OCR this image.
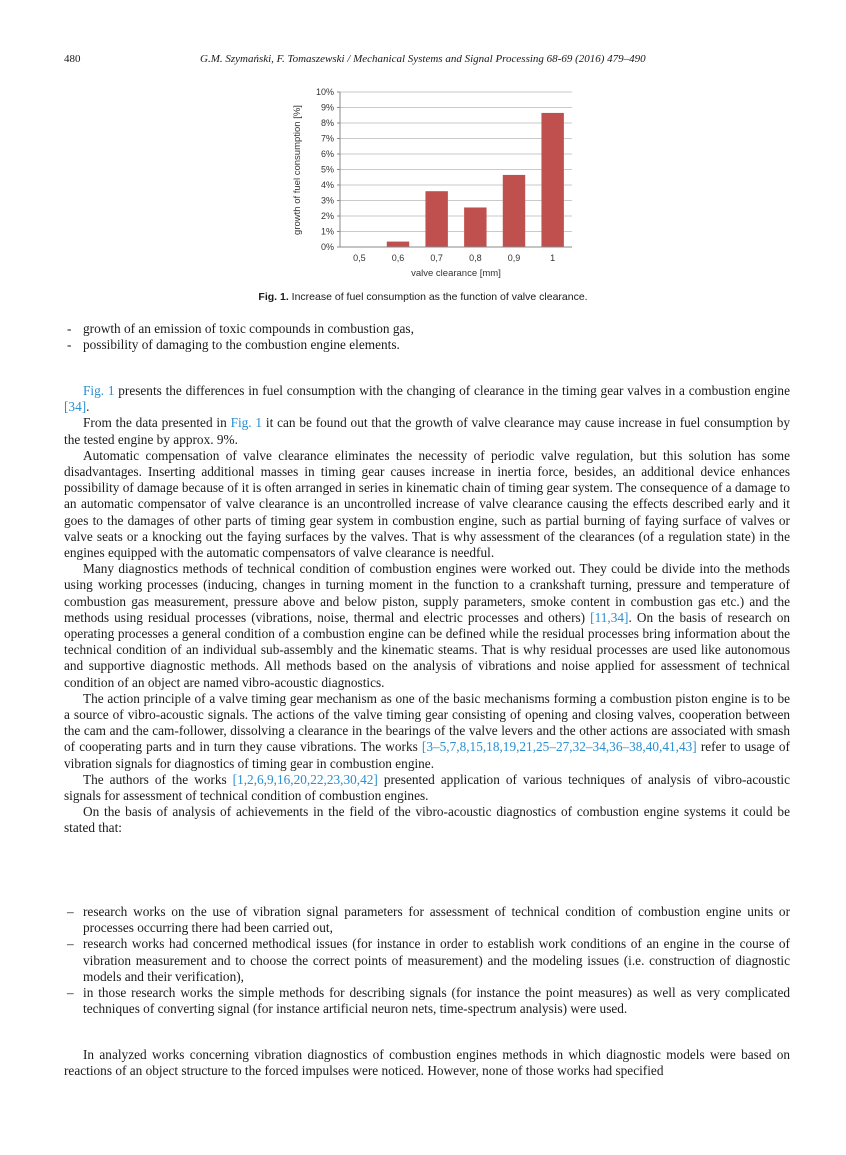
480	G.M. Szymański, F. Tomaszewski / Mechanical Systems and Signal Processing 68-69 (2016) 479–490
0%
1%
2%
3%
4%
5%
6%
7%
8%
9%
10%
0,5	0,6	0,7	0,8	0,9	1
valve clearance [mm]
growth of fuel consumption [%]
Fig. 1. Increase of fuel consumption as the function of valve clearance.
- growth of an emission of toxic compounds in combustion gas,
- possibility of damaging to the combustion engine elements.

Fig. 1 presents the differences in fuel consumption with the changing of clearance in the timing gear valves in a combustion engine [34].

From the data presented in Fig. 1 it can be found out that the growth of valve clearance may cause increase in fuel consumption by the tested engine by approx. 9%.

Automatic compensation of valve clearance eliminates the necessity of periodic valve regulation, but this solution has some disadvantages. Inserting additional masses in timing gear causes increase in inertia force, besides, an additional device enhances possibility of damage because of it is often arranged in series in kinematic chain of timing gear system. The consequence of a damage to an automatic compensator of valve clearance is an uncontrolled increase of valve clearance causing the effects described early and it goes to the damages of other parts of timing gear system in combustion engine, such as partial burning of faying surface of valves or valve seats or a knocking out the faying surfaces by the valves. That is why assessment of the clearances (of a regulation state) in the engines equipped with the automatic compensators of valve clearance is needful.

Many diagnostics methods of technical condition of combustion engines were worked out. They could be divide into the methods using working processes (inducing, changes in turning moment in the function to a crankshaft turning, pressure and temperature of combustion gas measurement, pressure above and below piston, supply parameters, smoke content in combustion gas etc.) and the methods using residual processes (vibrations, noise, thermal and electric processes and others) [11,34]. On the basis of research on operating processes a general condition of a combustion engine can be defined while the residual processes bring information about the technical condition of an individual sub-assembly and the kinematic steams. That is why residual processes are used like autonomous and supportive diagnostic methods. All methods based on the analysis of vibrations and noise applied for assessment of technical condition of an object are named vibro-acoustic diagnostics.

The action principle of a valve timing gear mechanism as one of the basic mechanisms forming a combustion piston engine is to be a source of vibro-acoustic signals. The actions of the valve timing gear consisting of opening and closing valves, cooperation between the cam and the cam-follower, dissolving a clearance in the bearings of the valve levers and the other actions are associated with smash of cooperating parts and in turn they cause vibrations. The works [3–5,7,8,15,18,19,21,25–27,32–34,36–38,40,41,43] refer to usage of vibration signals for diagnostics of timing gear in combustion engine.

The authors of the works [1,2,6,9,16,20,22,23,30,42] presented application of various techniques of analysis of vibro-acoustic signals for assessment of technical condition of combustion engines.

On the basis of analysis of achievements in the field of the vibro-acoustic diagnostics of combustion engine systems it could be stated that:

– research works on the use of vibration signal parameters for assessment of technical condition of combustion engine units or processes occurring there had been carried out,
– research works had concerned methodical issues (for instance in order to establish work conditions of an engine in the course of vibration measurement and to choose the correct points of measurement) and the modeling issues (i.e. construction of diagnostic models and their verification),
– in those research works the simple methods for describing signals (for instance the point measures) as well as very complicated techniques of converting signal (for instance artificial neuron nets, time-spectrum analysis) were used.

In analyzed works concerning vibration diagnostics of combustion engines methods in which diagnostic models were based on reactions of an object structure to the forced impulses were noticed. However, none of those works had specified
